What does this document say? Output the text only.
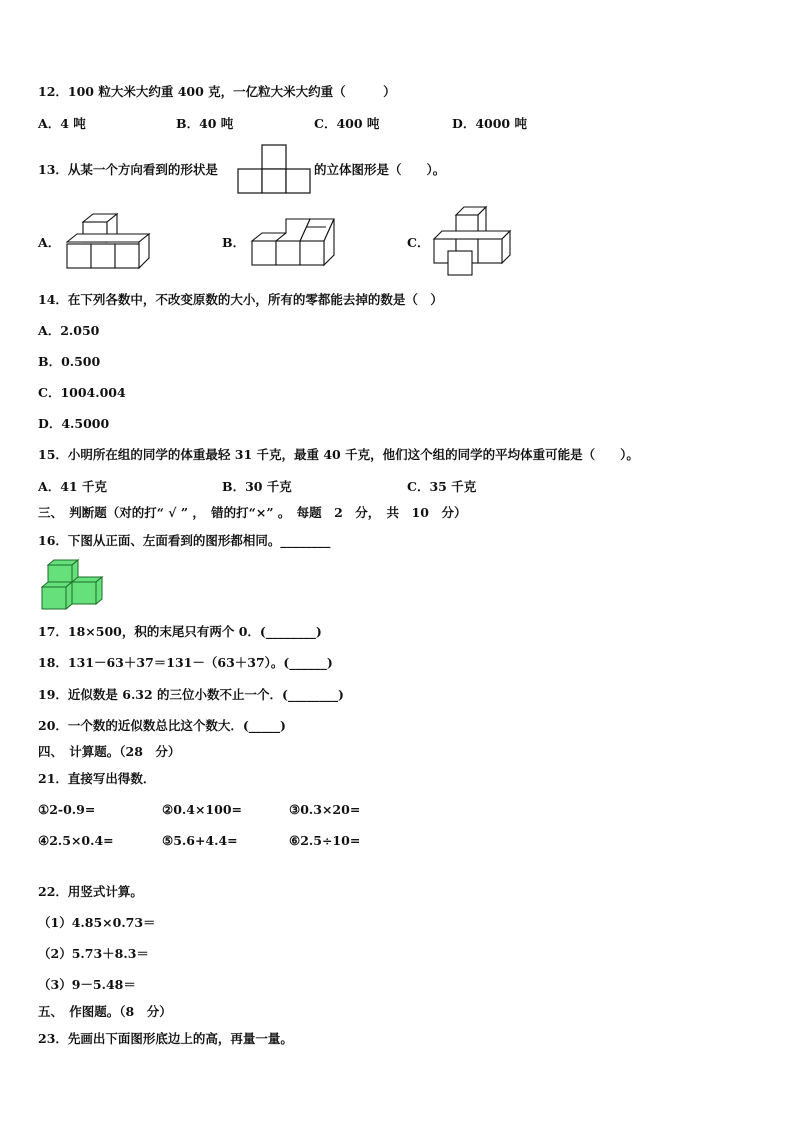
12．100 粒大米大约重 400 克，一亿粒大米大约重（　　　）
A．4 吨	B．40 吨	C．400 吨	D．4000 吨
13．从某一个方向看到的形状是	的立体图形是（　　）。
A．	B．	C．
14．在下列各数中，不改变原数的大小，所有的零都能去掉的数是（　）
A．2.050
B．0.500
C．1004.004
D．4.5000
15．小明所在组的同学的体重最轻 31 千克，最重 40 千克，他们这个组的同学的平均体重可能是（　　）。
A．41 千克	B．30 千克	C．35 千克
三、　判断题（对的打“ √ ” ，　错的打“×” 。　每题　2　分，　共　10　分）
16．下图从正面、左面看到的图形都相同。________
17．18×500，积的末尾只有两个 0．(________)
18．131－63＋37＝131－（63＋37）。(______)
19．近似数是 6.32 的三位小数不止一个．(________)
20．一个数的近似数总比这个数大．(_____)
四、　计算题。（28　分）
21．直接写出得数．
①2-0.9=	②0.4×100=	③0.3×20=
④2.5×0.4=	⑤5.6+4.4=	⑥2.5÷10=
22．用竖式计算。
（1）4.85×0.73＝
（2）5.73＋8.3＝
（3）9－5.48＝
五、　作图题。（8　分）
23．先画出下面图形底边上的高，再量一量。
